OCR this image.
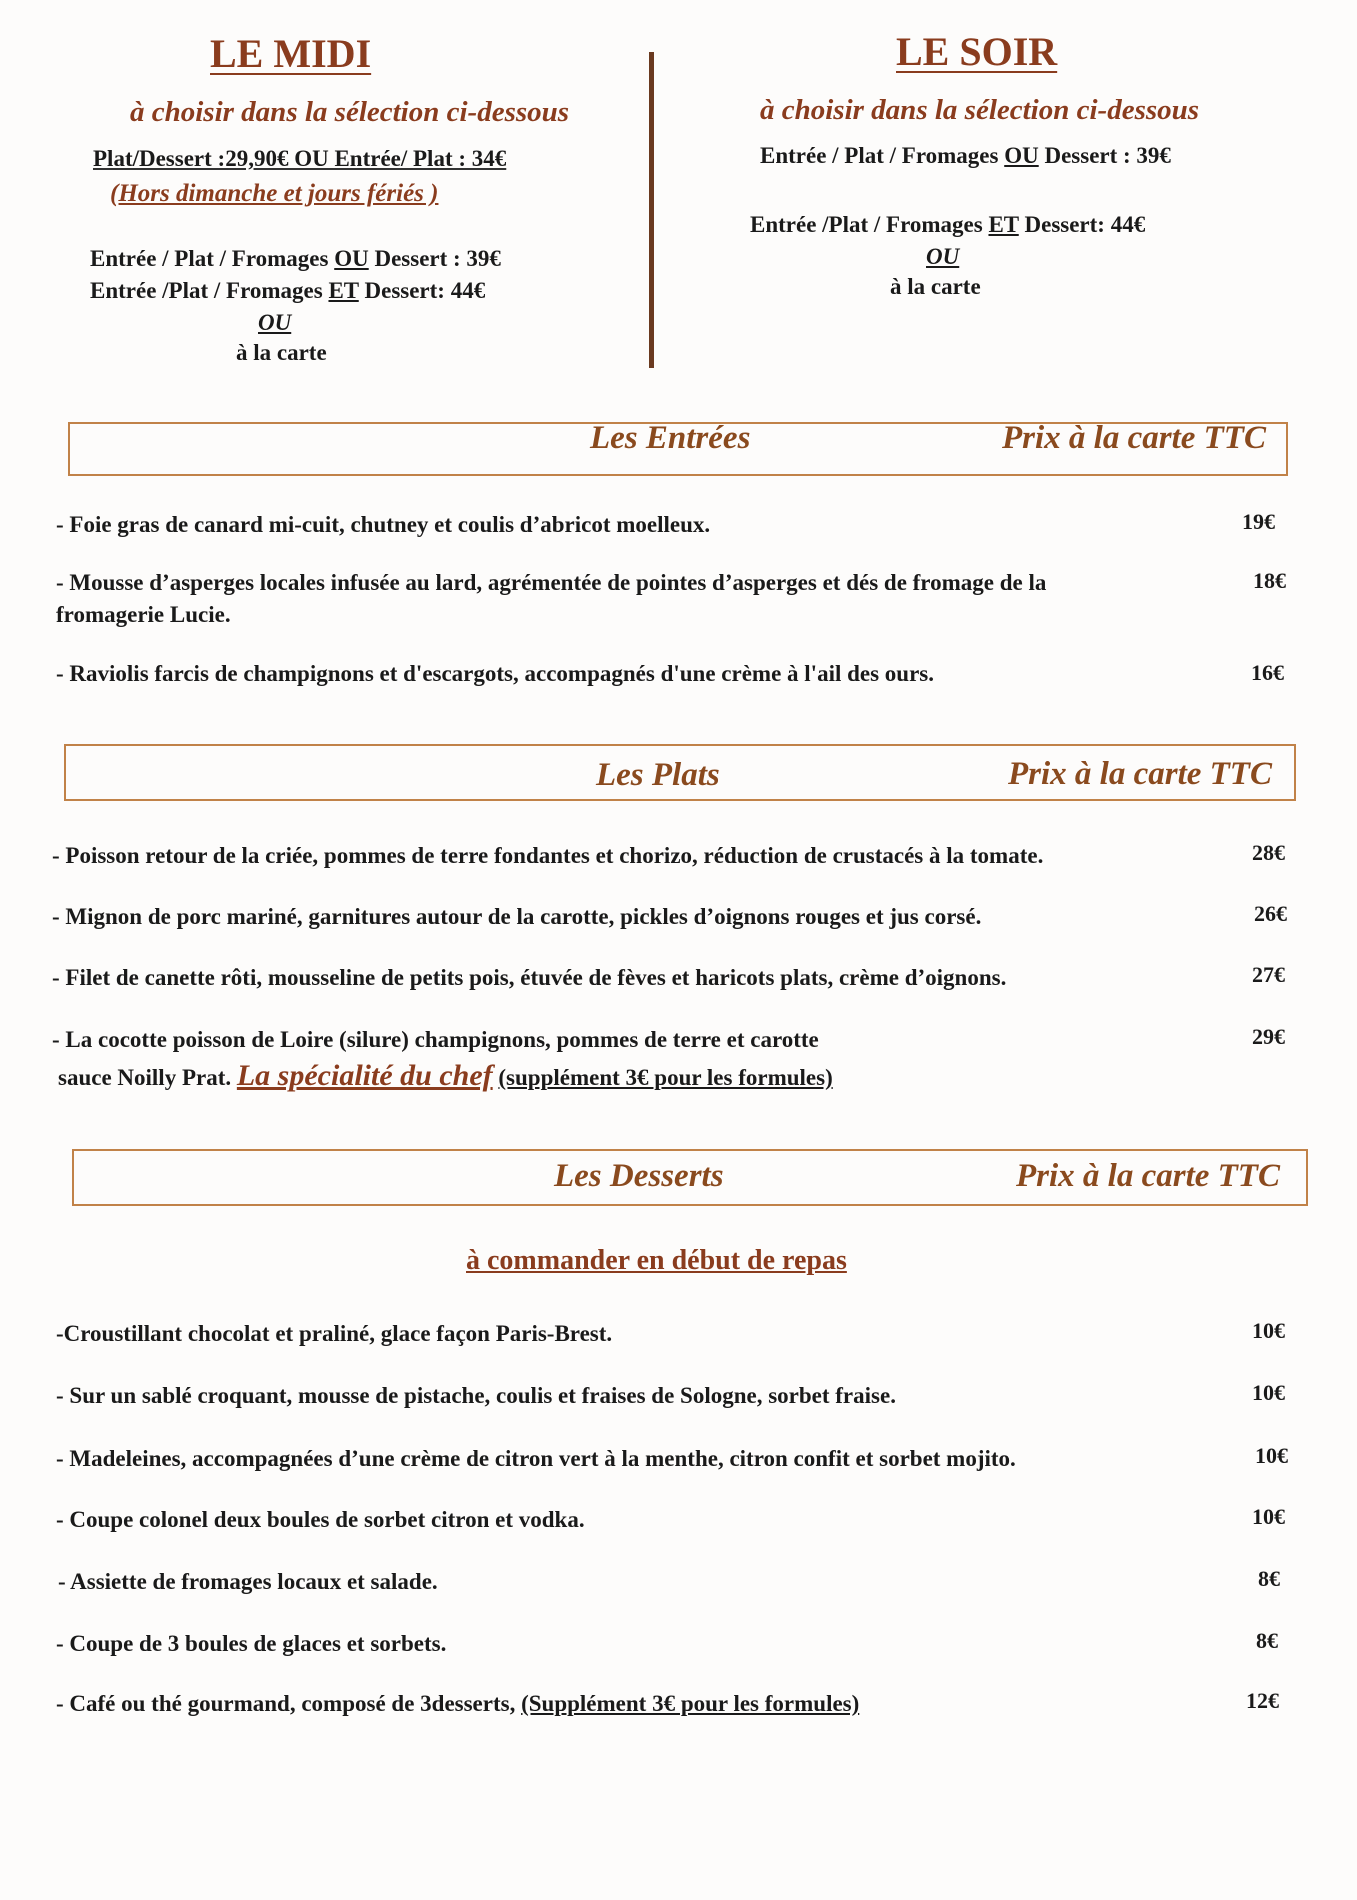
LE MIDI
à choisir dans la sélection ci-dessous
Plat/Dessert :29,90€ OU Entrée/ Plat : 34€
(Hors dimanche et jours fériés )
Entrée / Plat / Fromages OU Dessert : 39€
Entrée /Plat / Fromages ET Dessert: 44€
OU
à la carte
LE SOIR
à choisir dans la sélection ci-dessous
Entrée / Plat / Fromages OU Dessert : 39€
Entrée /Plat / Fromages ET Dessert: 44€
OU
à la carte
Les Entrées	Prix à la carte TTC
- Foie gras de canard mi-cuit, chutney et coulis d’abricot moelleux.	19€
- Mousse d’asperges locales infusée au lard, agrémentée de pointes d’asperges et dés de fromage de la
fromagerie Lucie.
18€
- Raviolis farcis de champignons et d'escargots, accompagnés d'une crème à l'ail des ours.	16€
Les Plats	Prix à la carte TTC
- Poisson retour de la criée, pommes de terre fondantes et chorizo, réduction de crustacés à la tomate.	28€
- Mignon de porc mariné, garnitures autour de la carotte, pickles d’oignons rouges et jus corsé.	26€
- Filet de canette rôti, mousseline de petits pois, étuvée de fèves et haricots plats, crème d’oignons.	27€
- La cocotte poisson de Loire (silure) champignons, pommes de terre et carotte
sauce Noilly Prat. La spécialité du chef (supplément 3€ pour les formules)
29€
Les Desserts	Prix à la carte TTC
à commander en début de repas
-Croustillant chocolat et praliné, glace façon Paris-Brest.	10€
- Sur un sablé croquant, mousse de pistache, coulis et fraises de Sologne, sorbet fraise.	10€
- Madeleines, accompagnées d’une crème de citron vert à la menthe, citron confit et sorbet mojito.	10€
- Coupe colonel deux boules de sorbet citron et vodka.	10€
- Assiette de fromages locaux et salade.	8€
- Coupe de 3 boules de glaces et sorbets.	8€
- Café ou thé gourmand, composé de 3desserts, (Supplément 3€ pour les formules)	12€
